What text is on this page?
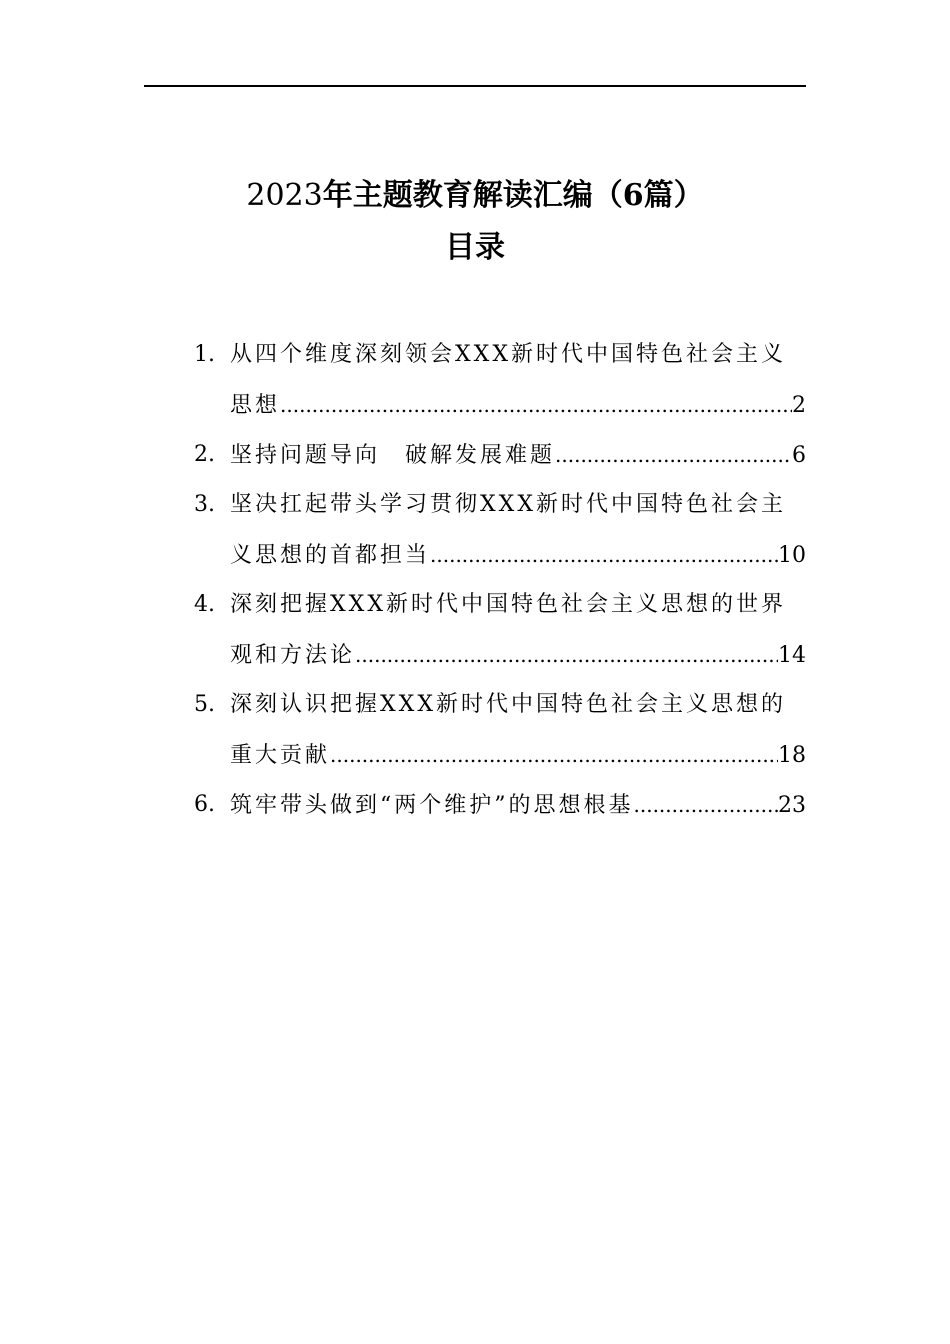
2023年主题教育解读汇编（6篇）
目录
1. 从四个维度深刻领会XXX新时代中国特色社会主义
思想 .....	2
2. 坚持问题导向　破解发展难题 .....	6
3. 坚决扛起带头学习贯彻XXX新时代中国特色社会主
义思想的首都担当 .....	10
4. 深刻把握XXX新时代中国特色社会主义思想的世界
观和方法论 .....	14
5. 深刻认识把握XXX新时代中国特色社会主义思想的
重大贡献 .....	18
6. 筑牢带头做到“两个维护”的思想根基 .....	23
